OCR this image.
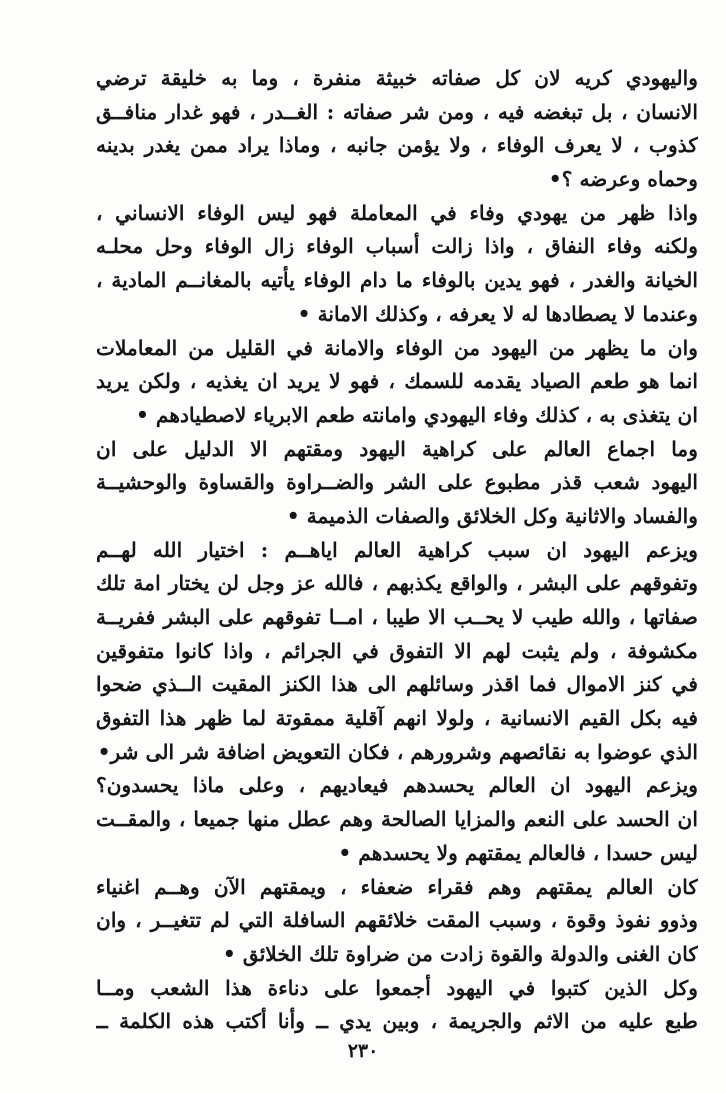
واليهودي كريه لان كل صفاته خبيثة منفرة ، وما به خليقة ترضي
الانسان ، بل تبغضه فيه ، ومن شر صفاته : الغــدر ، فهو غدار منافــق
كذوب ، لا يعرف الوفاء ، ولا يؤمن جانبه ، وماذا يراد ممن يغدر بدينه
وحماه وعرضه ؟•
واذا ظهر من يهودي وفاء في المعاملة فهو ليس الوفاء الانساني ،
ولكنه وفاء النفاق ، واذا زالت أسباب الوفاء زال الوفاء وحل محلـه
الخيانة والغدر ، فهو يدين بالوفاء ما دام الوفاء يأتيه بالمغانــم المادية ،
وعندما لا يصطادها له لا يعرفه ، وكذلك الامانة •
وان ما يظهر من اليهود من الوفاء والامانة في القليل من المعاملات
انما هو طعم الصياد يقدمه للسمك ، فهو لا يريد ان يغذيه ، ولكن يريد
ان يتغذى به ، كذلك وفاء اليهودي وامانته طعم الابرياء لاصطيادهم •
وما اجماع العالم على كراهية اليهود ومقتهم الا الدليل على ان
اليهود شعب قذر مطبوع على الشر والضــراوة والقساوة والوحشيــة
والفساد والاثانية وكل الخلائق والصفات الذميمة •
ويزعم اليهود ان سبب كراهية العالم اياهــم : اختيار الله لهــم
وتفوقهم على البشر ، والواقع يكذبهم ، فالله عز وجل لن يختار امة تلك
صفاتها ، والله طيب لا يحــب الا طيبا ، امــا تفوقهم على البشر ففريــة
مكشوفة ، ولم يثبت لهم الا التفوق في الجرائم ، واذا كانوا متفوقين
في كنز الاموال فما اقذر وسائلهم الى هذا الكنز المقيت الــذي ضحوا
فيه بكل القيم الانسانية ، ولولا انهم آقلية ممقوتة لما ظهر هذا التفوق
الذي عوضوا به نقائصهم وشرورهم ، فكان التعويض اضافة شر الى شر•
ويزعم اليهود ان العالم يحسدهم فيعاديهم ، وعلى ماذا يحسدون؟
ان الحسد على النعم والمزايا الصالحة وهم عطل منها جميعا ، والمقــت
ليس حسدا ، فالعالم يمقتهم ولا يحسدهم •
كان العالم يمقتهم وهم فقراء ضعفاء ، ويمقتهم الآن وهــم اغنياء
وذوو نفوذ وقوة ، وسبب المقت خلائقهم السافلة التي لم تتغيــر ، وان
كان الغنى والدولة والقوة زادت من ضراوة تلك الخلائق •
وكل الذين كتبوا في اليهود أجمعوا على دناءة هذا الشعب ومــا
طبع عليه من الاثم والجريمة ، وبين يدي ــ وأنا أكتب هذه الكلمة ــ
٢٣٠
